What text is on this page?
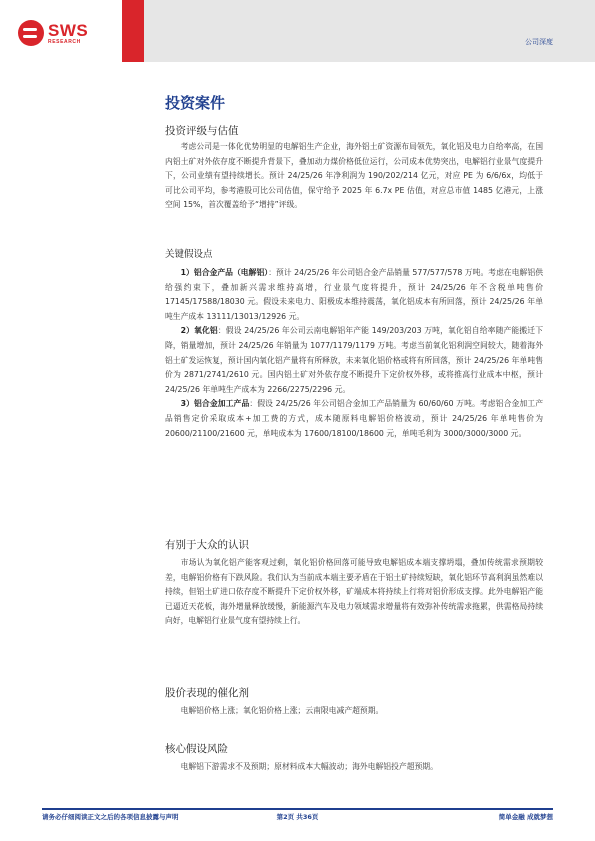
SWS
RESEARCH	公司深度
投资案件

投资评级与估值

考虑公司是一体化优势明显的电解铝生产企业，海外铝土矿资源布局领先，氧化铝及电力自给率高，在国内铝土矿对外依存度不断提升背景下，叠加动力煤价格低位运行，公司成本优势突出，电解铝行业景气度提升下，公司业绩有望持续增长。预计 24/25/26 年净利润为 190/202/214 亿元，对应 PE 为 6/6/6x，均低于可比公司平均，参考港股可比公司估值，保守给予 2025 年 6.7x PE 估值，对应总市值 1485 亿港元，上涨空间 15%，首次覆盖给予“增持”评级。

关键假设点

1）铝合金产品（电解铝）：预计 24/25/26 年公司铝合金产品销量 577/577/578 万吨。考虑在电解铝供给强约束下，叠加新兴需求维持高增，行业景气度将提升，预计 24/25/26 年不含税单吨售价 17145/17588/18030 元。假设未来电力、阳极成本维持震荡，氧化铝成本有所回落，预计 24/25/26 年单吨生产成本 13111/13013/12926 元。

2）氧化铝：假设 24/25/26 年公司云南电解铝年产能 149/203/203 万吨，氧化铝自给率随产能搬迁下降，销量增加，预计 24/25/26 年销量为 1077/1179/1179 万吨。考虑当前氧化铝利润空间较大，随着海外铝土矿发运恢复，预计国内氧化铝产量将有所释放，未来氧化铝价格或将有所回落，预计 24/25/26 年单吨售价为 2871/2741/2610 元。国内铝土矿对外依存度不断提升下定价权外移，或将推高行业成本中枢，预计 24/25/26 年单吨生产成本为 2266/2275/2296 元。

3）铝合金加工产品：假设 24/25/26 年公司铝合金加工产品销量为 60/60/60 万吨。考虑铝合金加工产品销售定价采取成本+加工费的方式，成本随原料电解铝价格波动，预计 24/25/26 年单吨售价为 20600/21100/21600 元，单吨成本为 17600/18100/18600 元，单吨毛利为 3000/3000/3000 元。

有别于大众的认识

市场认为氧化铝产能客观过剩，氧化铝价格回落可能导致电解铝成本端支撑坍塌，叠加传统需求预期较差，电解铝价格有下跌风险。我们认为当前成本端主要矛盾在于铝土矿持续短缺，氧化铝环节高利润虽然难以持续，但铝土矿进口依存度不断提升下定价权外移，矿端成本将持续上行将对铝价形成支撑。此外电解铝产能已逼近天花板，海外增量释放缓慢，新能源汽车及电力领域需求增量将有效弥补传统需求拖累，供需格局持续向好，电解铝行业景气度有望持续上行。

股价表现的催化剂

电解铝价格上涨；氧化铝价格上涨；云南限电减产超预期。

核心假设风险

电解铝下游需求不及预期；原材料成本大幅波动；海外电解铝投产超预期。

请务必仔细阅读正文之后的各项信息披露与声明	第2页 共36页	简单金融 成就梦想
